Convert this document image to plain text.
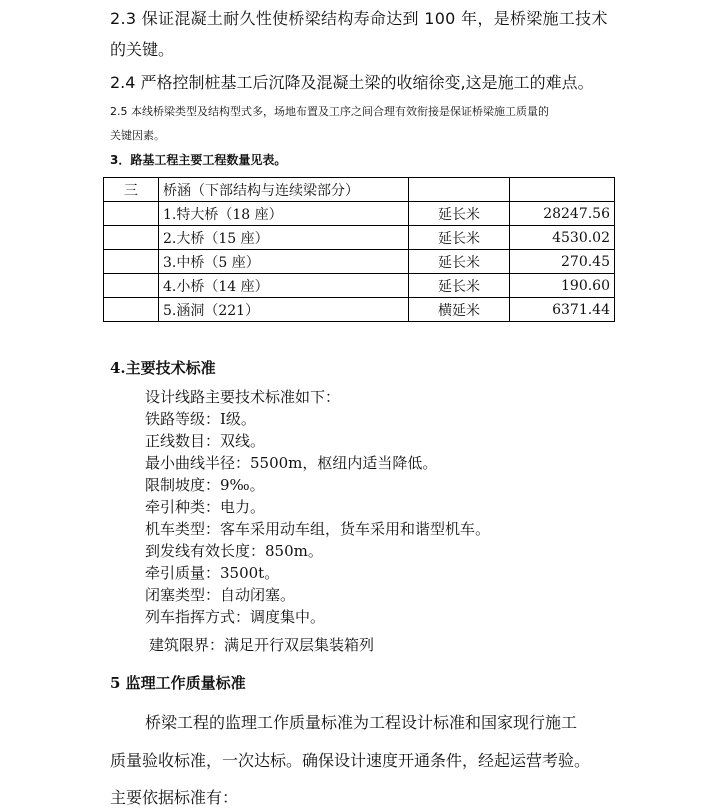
2.3 保证混凝土耐久性使桥梁结构寿命达到 100 年，是桥梁施工技术
的关键。
2.4 严格控制桩基工后沉降及混凝土梁的收缩徐变,这是施工的难点。
2.5 本线桥梁类型及结构型式多，场地布置及工序之间合理有效衔接是保证桥梁施工质量的
关键因素。
3．路基工程主要工程数量见表。
三	桥涵（下部结构与连续梁部分）		
	1.特大桥（18 座）	延长米	28247.56
	2.大桥（15 座）	延长米	4530.02
	3.中桥（5 座）	延长米	270.45
	4.小桥（14 座）	延长米	190.60
	5.涵洞（221）	横延米	6371.44
4.主要技术标准
设计线路主要技术标准如下：
铁路等级：Ⅰ级。
正线数目：双线。
最小曲线半径：5500m，枢纽内适当降低。
限制坡度：9‰。
牵引种类：电力。
机车类型：客车采用动车组，货车采用和谐型机车。
到发线有效长度：850m。
牵引质量：3500t。
闭塞类型：自动闭塞。
列车指挥方式：调度集中。
建筑限界：满足开行双层集装箱列
5 监理工作质量标准
桥梁工程的监理工作质量标准为工程设计标准和国家现行施工
质量验收标准，一次达标。确保设计速度开通条件，经起运营考验。
主要依据标准有：
